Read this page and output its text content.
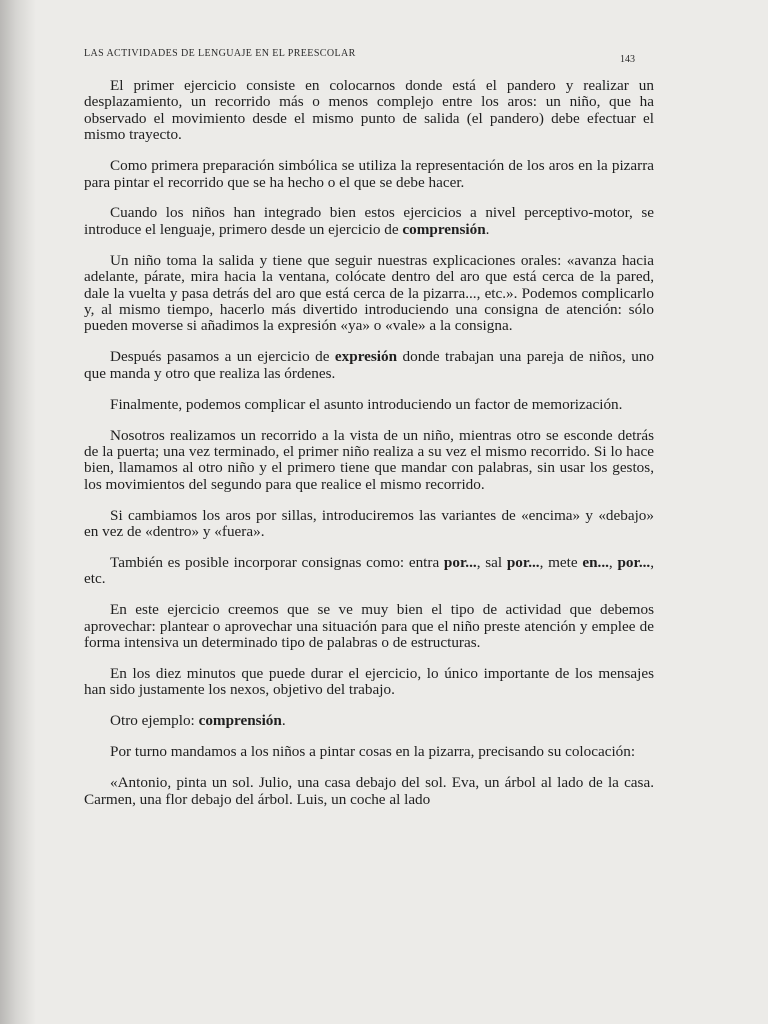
LAS ACTIVIDADES DE LENGUAJE EN EL PREESCOLAR
143

El primer ejercicio consiste en colocarnos donde está el pandero y realizar un desplazamiento, un recorrido más o menos complejo entre los aros: un niño, que ha observado el movimiento desde el mismo punto de salida (el pandero) debe efectuar el mismo trayecto.

Como primera preparación simbólica se utiliza la representación de los aros en la pizarra para pintar el recorrido que se ha hecho o el que se debe hacer.

Cuando los niños han integrado bien estos ejercicios a nivel perceptivo-motor, se introduce el lenguaje, primero desde un ejercicio de comprensión.

Un niño toma la salida y tiene que seguir nuestras explicaciones orales: «avanza hacia adelante, párate, mira hacia la ventana, colócate dentro del aro que está cerca de la pared, dale la vuelta y pasa detrás del aro que está cerca de la pizarra..., etc.». Podemos complicarlo y, al mismo tiempo, hacerlo más divertido introduciendo una consigna de atención: sólo pueden moverse si añadimos la expresión «ya» o «vale» a la consigna.

Después pasamos a un ejercicio de expresión donde trabajan una pareja de niños, uno que manda y otro que realiza las órdenes.

Finalmente, podemos complicar el asunto introduciendo un factor de memorización.

Nosotros realizamos un recorrido a la vista de un niño, mientras otro se esconde detrás de la puerta; una vez terminado, el primer niño realiza a su vez el mismo recorrido. Si lo hace bien, llamamos al otro niño y el primero tiene que mandar con palabras, sin usar los gestos, los movimientos del segundo para que realice el mismo recorrido.

Si cambiamos los aros por sillas, introduciremos las variantes de «encima» y «debajo» en vez de «dentro» y «fuera».

También es posible incorporar consignas como: entra por..., sal por..., mete en..., por..., etc.

En este ejercicio creemos que se ve muy bien el tipo de actividad que debemos aprovechar: plantear o aprovechar una situación para que el niño preste atención y emplee de forma intensiva un determinado tipo de palabras o de estructuras.

En los diez minutos que puede durar el ejercicio, lo único importante de los mensajes han sido justamente los nexos, objetivo del trabajo.

Otro ejemplo: comprensión.

Por turno mandamos a los niños a pintar cosas en la pizarra, precisando su colocación:

«Antonio, pinta un sol. Julio, una casa debajo del sol. Eva, un árbol al lado de la casa. Carmen, una flor debajo del árbol. Luis, un coche al lado
